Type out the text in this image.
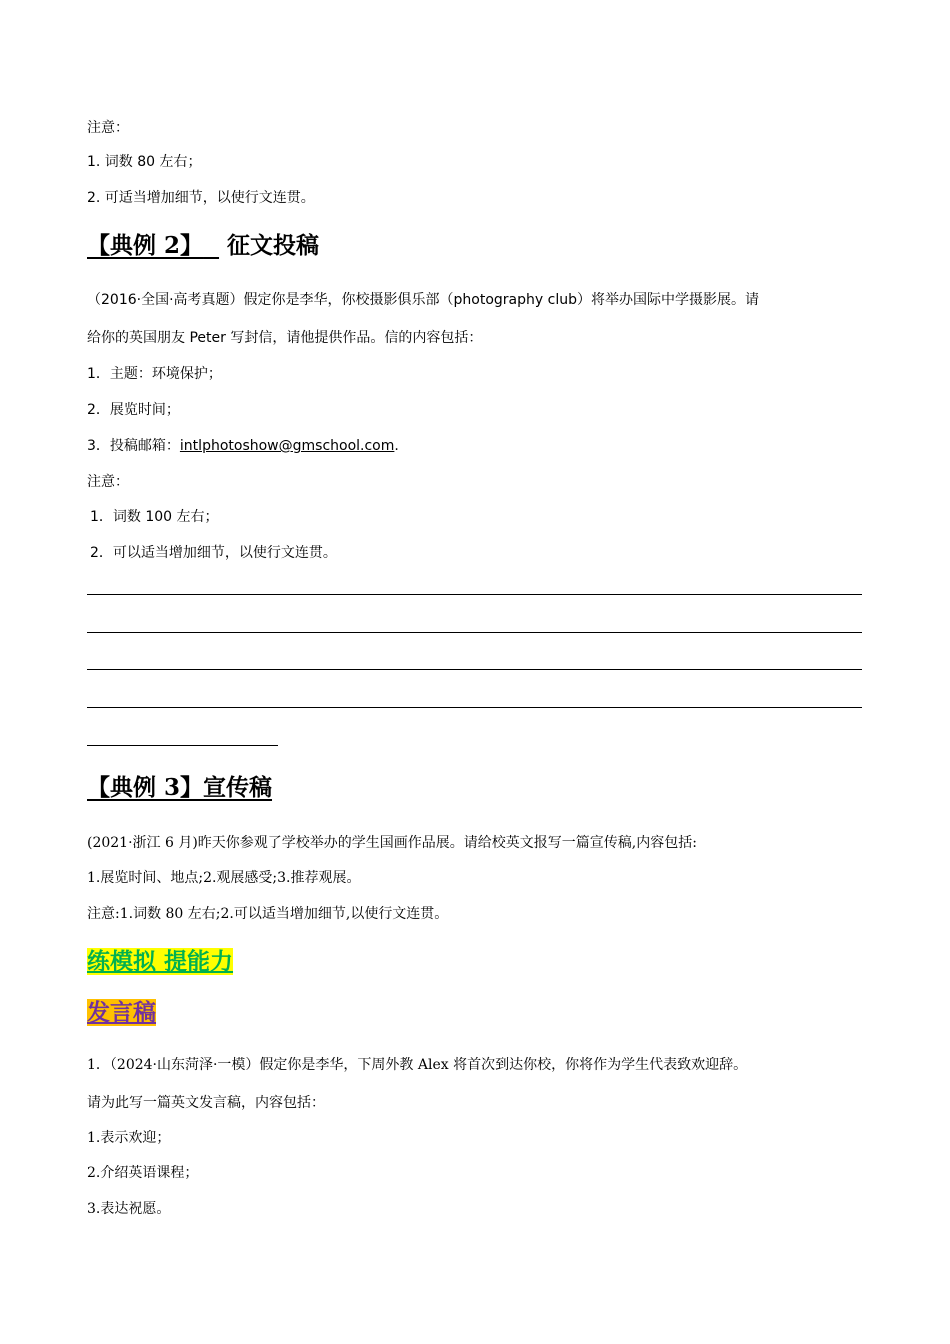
注意：
1. 词数 80 左右；
2. 可适当增加细节，以使行文连贯。
【典例 2】 征文投稿
（2016·全国·高考真题）假定你是李华，你校摄影俱乐部（photography club）将举办国际中学摄影展。请
给你的英国朋友 Peter 写封信，请他提供作品。信的内容包括：
1．主题：环境保护；
2．展览时间；
3．投稿邮箱：intlphotoshow@gmschool.com.
注意：
1．词数 100 左右；
2．可以适当增加细节，以使行文连贯。
【典例 3】宣传稿
(2021·浙江 6 月)昨天你参观了学校举办的学生国画作品展。请给校英文报写一篇宣传稿,内容包括:
1.展览时间、地点;2.观展感受;3.推荐观展。
注意:1.词数 80 左右;2.可以适当增加细节,以使行文连贯。
练模拟 提能力
发言稿
1．（2024·山东菏泽·一模）假定你是李华，下周外教 Alex 将首次到达你校，你将作为学生代表致欢迎辞。
请为此写一篇英文发言稿，内容包括：
1.表示欢迎；
2.介绍英语课程；
3.表达祝愿。
